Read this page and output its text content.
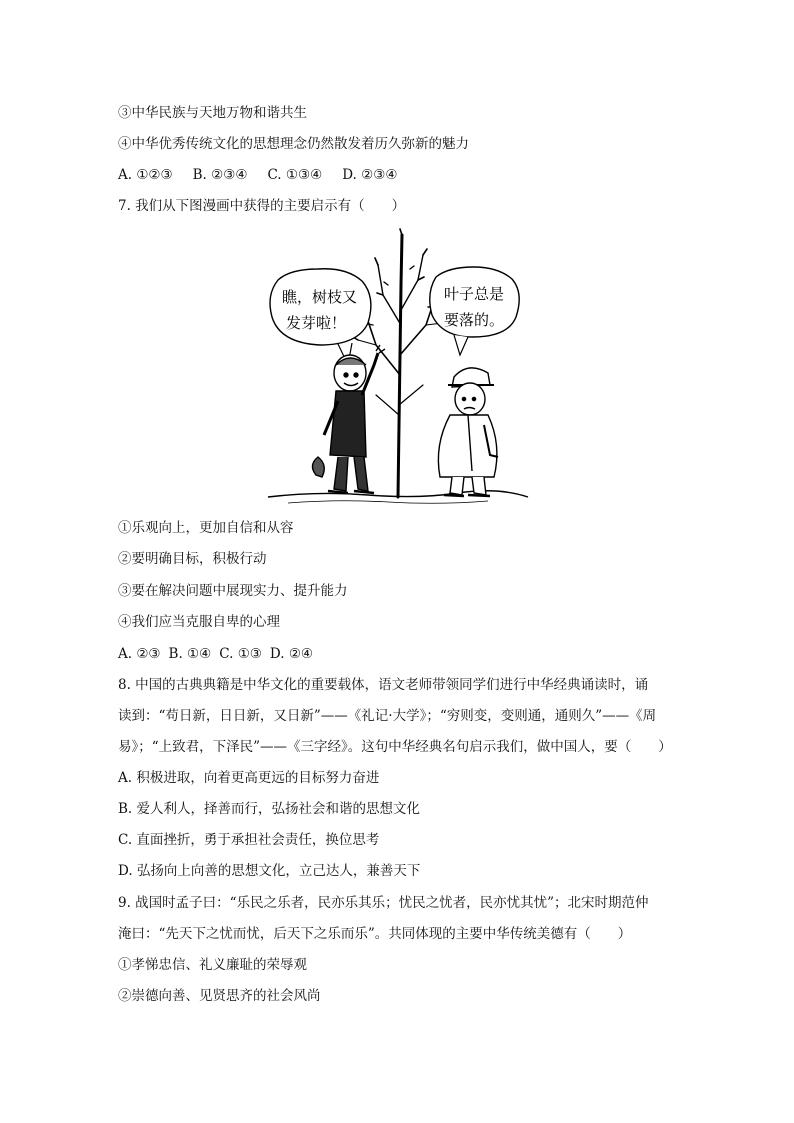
③中华民族与天地万物和谐共生
④中华优秀传统文化的思想理念仍然散发着历久弥新的魅力
A. ①②③ B. ②③④ C. ①③④ D. ②③④
7. 我们从下图漫画中获得的主要启示有（　　）
瞧，树枝又
发芽啦！
叶子总是
要落的。
①乐观向上，更加自信和从容
②要明确目标，积极行动
③要在解决问题中展现实力、提升能力
④我们应当克服自卑的心理
A. ②③ B. ①④ C. ①③ D. ②④
8. 中国的古典典籍是中华文化的重要载体，语文老师带领同学们进行中华经典诵读时，诵
读到：“苟日新，日日新，又日新”——《礼记·大学》；“穷则变，变则通，通则久”——《周
易》；“上致君，下泽民”——《三字经》。这句中华经典名句启示我们，做中国人，要（　　）
A. 积极进取，向着更高更远的目标努力奋进
B. 爱人利人，择善而行，弘扬社会和谐的思想文化
C. 直面挫折，勇于承担社会责任，换位思考
D. 弘扬向上向善的思想文化，立己达人，兼善天下
9. 战国时孟子曰：“乐民之乐者，民亦乐其乐；忧民之忧者，民亦忧其忧”；北宋时期范仲
淹曰：“先天下之忧而忧，后天下之乐而乐”。共同体现的主要中华传统美德有（　　）
①孝悌忠信、礼义廉耻的荣辱观
②崇德向善、见贤思齐的社会风尚
